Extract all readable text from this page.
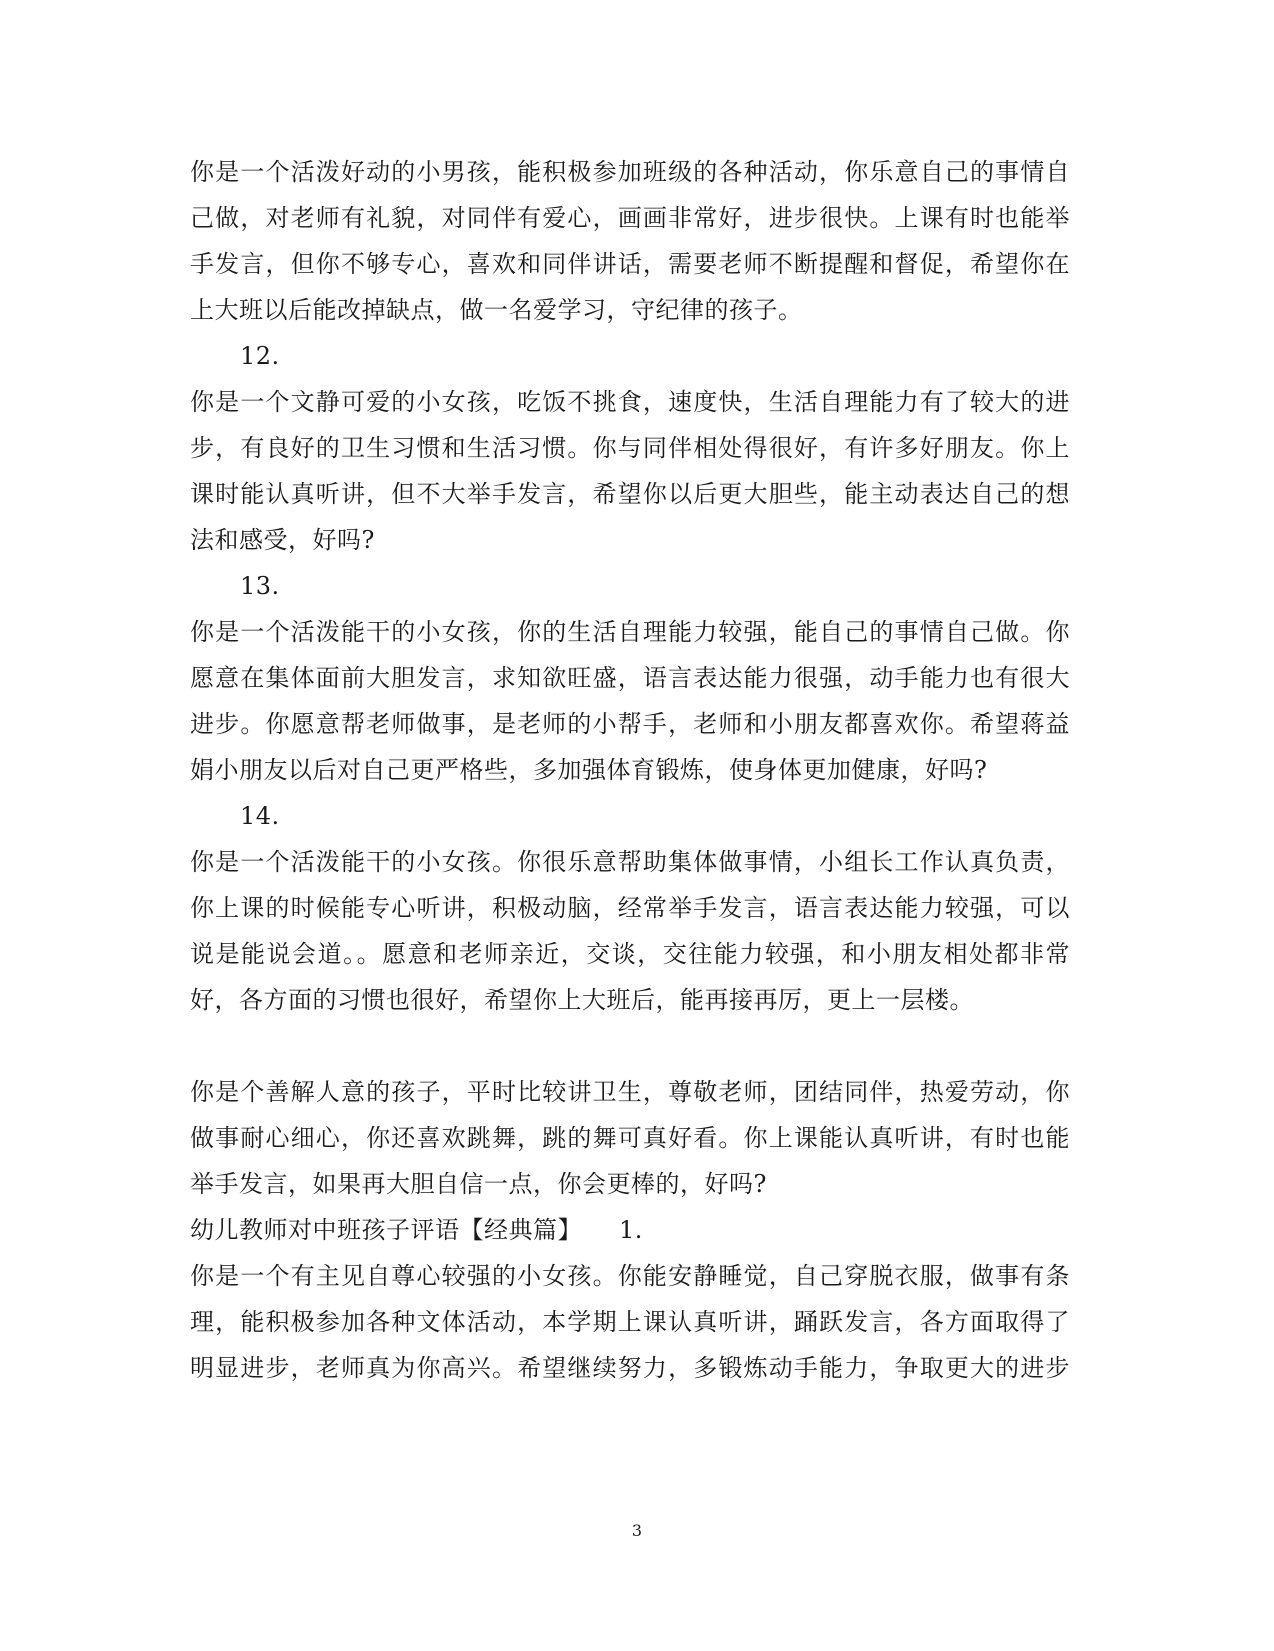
你是一个活泼好动的小男孩，能积极参加班级的各种活动，你乐意自己的事情自
己做，对老师有礼貌，对同伴有爱心，画画非常好，进步很快。上课有时也能举
手发言，但你不够专心，喜欢和同伴讲话，需要老师不断提醒和督促，希望你在
上大班以后能改掉缺点，做一名爱学习，守纪律的孩子。
12.
你是一个文静可爱的小女孩，吃饭不挑食，速度快，生活自理能力有了较大的进
步，有良好的卫生习惯和生活习惯。你与同伴相处得很好，有许多好朋友。你上
课时能认真听讲，但不大举手发言，希望你以后更大胆些，能主动表达自己的想
法和感受，好吗?
13.
你是一个活泼能干的小女孩，你的生活自理能力较强，能自己的事情自己做。你
愿意在集体面前大胆发言，求知欲旺盛，语言表达能力很强，动手能力也有很大
进步。你愿意帮老师做事，是老师的小帮手，老师和小朋友都喜欢你。希望蒋益
娟小朋友以后对自己更严格些，多加强体育锻炼，使身体更加健康，好吗?
14.
你是一个活泼能干的小女孩。你很乐意帮助集体做事情，小组长工作认真负责，
你上课的时候能专心听讲，积极动脑，经常举手发言，语言表达能力较强，可以
说是能说会道。。愿意和老师亲近，交谈，交往能力较强，和小朋友相处都非常
好，各方面的习惯也很好，希望你上大班后，能再接再厉，更上一层楼。
你是个善解人意的孩子，平时比较讲卫生，尊敬老师，团结同伴，热爱劳动，你
做事耐心细心，你还喜欢跳舞，跳的舞可真好看。你上课能认真听讲，有时也能
举手发言，如果再大胆自信一点，你会更棒的，好吗?
幼儿教师对中班孩子评语【经典篇】　　1.
你是一个有主见自尊心较强的小女孩。你能安静睡觉，自己穿脱衣服，做事有条
理，能积极参加各种文体活动，本学期上课认真听讲，踊跃发言，各方面取得了
明显进步，老师真为你高兴。希望继续努力，多锻炼动手能力，争取更大的进步
3
